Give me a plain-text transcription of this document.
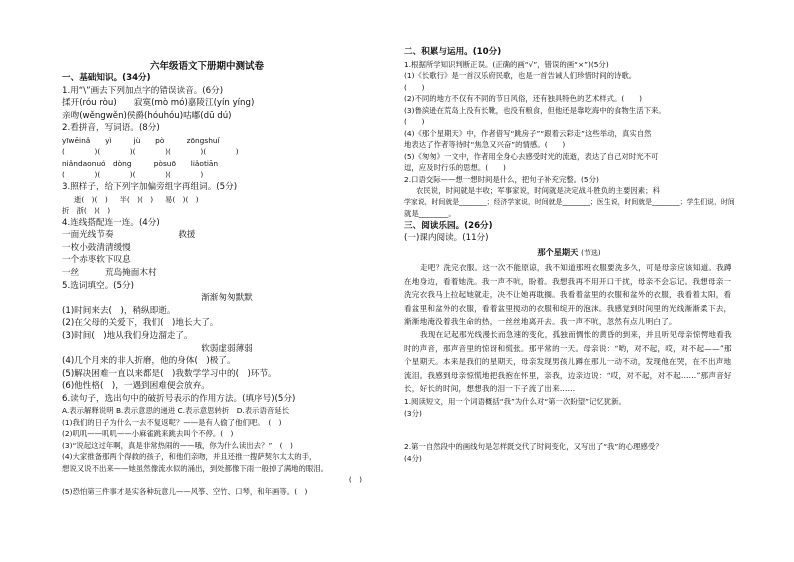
六年级语文下册期中测试卷
一、基础知识。(34分)
1.用“\”画去下列加点字的错误读音。(6分)
揉开(róu ròu)　　寂寞(mò mó)嘉陵江(yín yíng)
亲吻(wěngwěn)侯爵(hóuhóu)咕嘟(dū dú)
2.看拼音，写词语。(8分)
yīwēinǎ　　yì　　　jù　　pò　　　zōngshuǐ
(　　　　)(　　　　)(　　　　)(　　　　)(　　　　)
niǎndaonuó　dòng　　　pòsuō　　liǎotiān
(　　　　)(　　　　)(　　　　)(　　　　)
3.照样子，给下列字加偏旁组字再组词。(5分)
逝(　)(　) 半(　)(　) 易(　)(　)
折 浙(　)(　)
4.连线搭配连一连。(4分)
一面光线节奏	救援
一枚小鼓清清缓慢
一个赤枣软下叹息
一丝　　　荒岛掩面木村
5.选词填空。(5分)
渐渐匆匆默默
(1)时间来去(　)，稍纵即逝。
(2)在父母的关爱下，我们(　)地长大了。
(3)时间(　)地从我们身边溜走了。
软弱虚弱薄弱
(4)几个月来的非人折磨，他的身体(　)极了。
(5)解决困难一直以来都是(　)我数学学习中的(　)环节。
(6)他性格(　)，一遇到困难便会放弃。
6.读句子，选出句中的破折号表示的作用方法。(填序号)(5分)
A.表示解释说明 B.表示意思的递进 C.表示意思转折　D.表示语音延长
(1)我们的日子为什么一去不复返呢？——是有人偷了他们吧。　(　)
(2)叽叽——叽叽——小麻雀跳来跳去叫个不停。(　)
(3)“说起这过年啊，真是非常热闹的——哦，你为什么读出去？”　(　)
(4)大家推备那两个得救的孩子，和他们亲吻，并且还推一搜萨契尔太太的手，
想说又说不出来——她虽然像流水似的涌出，到处都像下雨一般掉了满地的眼泪。
(　)
(5)恐怕第三件事才是实各种玩意儿——风筝、空竹、口琴，和年画等。(　)
二、积累与运用。(10分)
1.根据所学知识判断正误。(正确的画“√”，错误的画“×”)(5分)
(1)《长歌行》是一首汉乐府民歌，也是一首告诫人们珍惜时间的诗歌。
(　　)
(2)不同的地方不仅有不同的节日风俗，还有独具特色的艺术样式。(　　)
(3)鲁滨逊在荒岛上没有长靴，也没有粮食，但他还是靠吃海中的食物生活下来。
(　　)
(4)《那个星期天》中，作者借写“跳房子”“跟着云彩走”这些举动，真实自然
地表达了作者等待时“焦急又兴奋”的情感。(　　)
(5)《匆匆》一文中，作者用全身心去感受时光的流逝，表达了自己对时光不可
逗，应及时行乐的思想。(　　)
2.口语交际——想一想时间是什么，把句子补充完整。(5分)
农民说，时间就是丰收；军事家说，时间就是决定战斗胜负的主要因素；科
学家说，时间就是________；经济学家说，时间就是________；医生说，时间就是________；学生们说，时间
就是________。
三、阅读乐园。(26分)
(一)课内阅读。(11分)
那个星期天 (节选)
走吧？洗完衣服。这一次不能原谅，我不知道那班衣服要洗多久，可是母亲应该知道。我蹲在地身边，看着她洗。我一声不吭，盼着。我想我再不用开口干扰，母亲不会忘记。我想母亲一洗完衣我马上拉起她就走，决不让她再耽搁。我看着盆里的衣服和盆外的衣服，我看着太阳，看看盆里和盆外的衣服，看着盆里搅动的衣服和绽开的泡沫。我感觉到时间里的光线渐渐柔下去，渐渐地淹没着我生命的热，一丝丝地离开去。我一声不吭，忽然有点儿明白了。
我现在记起那光线漫长而急速的变化，孤独而惆怅的黄昏的到来，并且听见母亲惊愕地看我时的声音，那声音里的惊讶和慌张。那平常的一天。母亲说：“哟，对不起，哎，对不起——”那个星期天。本来是我们的星期天，母亲发现男孩儿蹲在那儿一动不动，发现他在哭，在不出声地流泪。我感到母亲惊慌地把我抱在怀里，亲我，边亲边说：“哎，对不起，对不起……”那声音好长，好长的时间，想想我的泪一下子流了出来……
1.阅读短文，用一个词语概括“我”为什么对“第一次盼望”记忆犹新。
(3分)
2.第一自然段中的画线句是怎样既交代了时间变化，又写出了“我”的心理感受？
(4分)
